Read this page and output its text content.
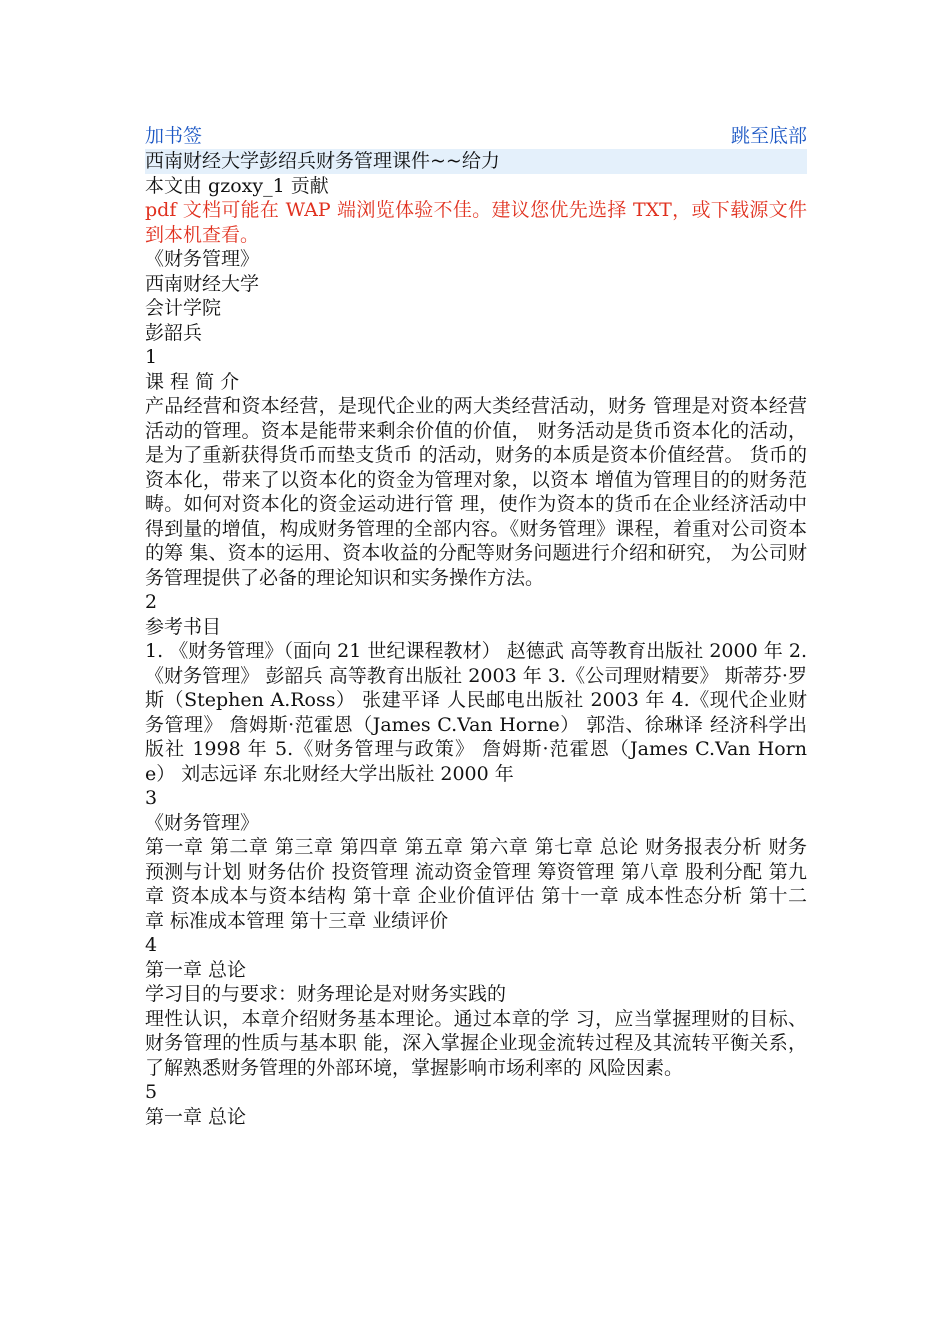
加书签	跳至底部
西南财经大学彭绍兵财务管理课件~~给力
本文由 gzoxy_1 贡献
pdf 文档可能在 WAP 端浏览体验不佳。建议您优先选择 TXT，或下载源文件到本机查看。
《财务管理》
西南财经大学
会计学院
彭韶兵
1
课 程 简 介
产品经营和资本经营，是现代企业的两大类经营活动，财务 管理是对资本经营活动的管理。资本是能带来剩余价值的价值， 财务活动是货币资本化的活动，是为了重新获得货币而垫支货币 的活动，财务的本质是资本价值经营。 货币的资本化，带来了以资本化的资金为管理对象，以资本 增值为管理目的的财务范畴。如何对资本化的资金运动进行管 理，使作为资本的货币在企业经济活动中得到量的增值，构成财务管理的全部内容。《财务管理》课程，着重对公司资本的筹 集、资本的运用、资本收益的分配等财务问题进行介绍和研究， 为公司财务管理提供了必备的理论知识和实务操作方法。
2
参考书目
1. 《财务管理》（面向 21 世纪课程教材） 赵德武 高等教育出版社 2000 年 2.《财务管理》 彭韶兵 高等教育出版社 2003 年 3.《公司理财精要》 斯蒂芬·罗斯（Stephen A.Ross） 张建平译 人民邮电出版社 2003 年 4.《现代企业财务管理》 詹姆斯·范霍恩（James C.Van Horne） 郭浩、徐琳译 经济科学出版社 1998 年 5.《财务管理与政策》 詹姆斯·范霍恩（James C.Van Horne） 刘志远译 东北财经大学出版社 2000 年
3
《财务管理》
第一章 第二章 第三章 第四章 第五章 第六章 第七章 总论 财务报表分析 财务预测与计划 财务估价 投资管理 流动资金管理 筹资管理 第八章 股利分配 第九章 资本成本与资本结构 第十章 企业价值评估 第十一章 成本性态分析 第十二章 标准成本管理 第十三章 业绩评价
4
第一章 总论
学习目的与要求：财务理论是对财务实践的
理性认识，本章介绍财务基本理论。通过本章的学 习，应当掌握理财的目标、财务管理的性质与基本职 能，深入掌握企业现金流转过程及其流转平衡关系， 了解熟悉财务管理的外部环境，掌握影响市场利率的 风险因素。
5
第一章 总论
